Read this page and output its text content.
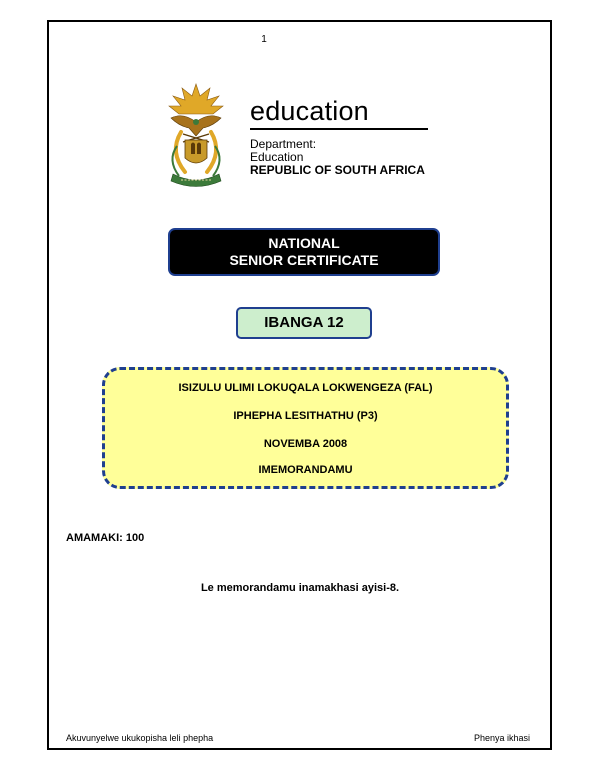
1
education
Department:
Education
REPUBLIC OF SOUTH AFRICA
NATIONAL
SENIOR CERTIFICATE
IBANGA 12
ISIZULU ULIMI LOKUQALA LOKWENGEZA (FAL)
IPHEPHA LESITHATHU (P3)
NOVEMBA 2008
IMEMORANDAMU
AMAMAKI: 100
Le memorandamu inamakhasi ayisi-8.
Akuvunyelwe ukukopisha leli phepha	Phenya ikhasi
